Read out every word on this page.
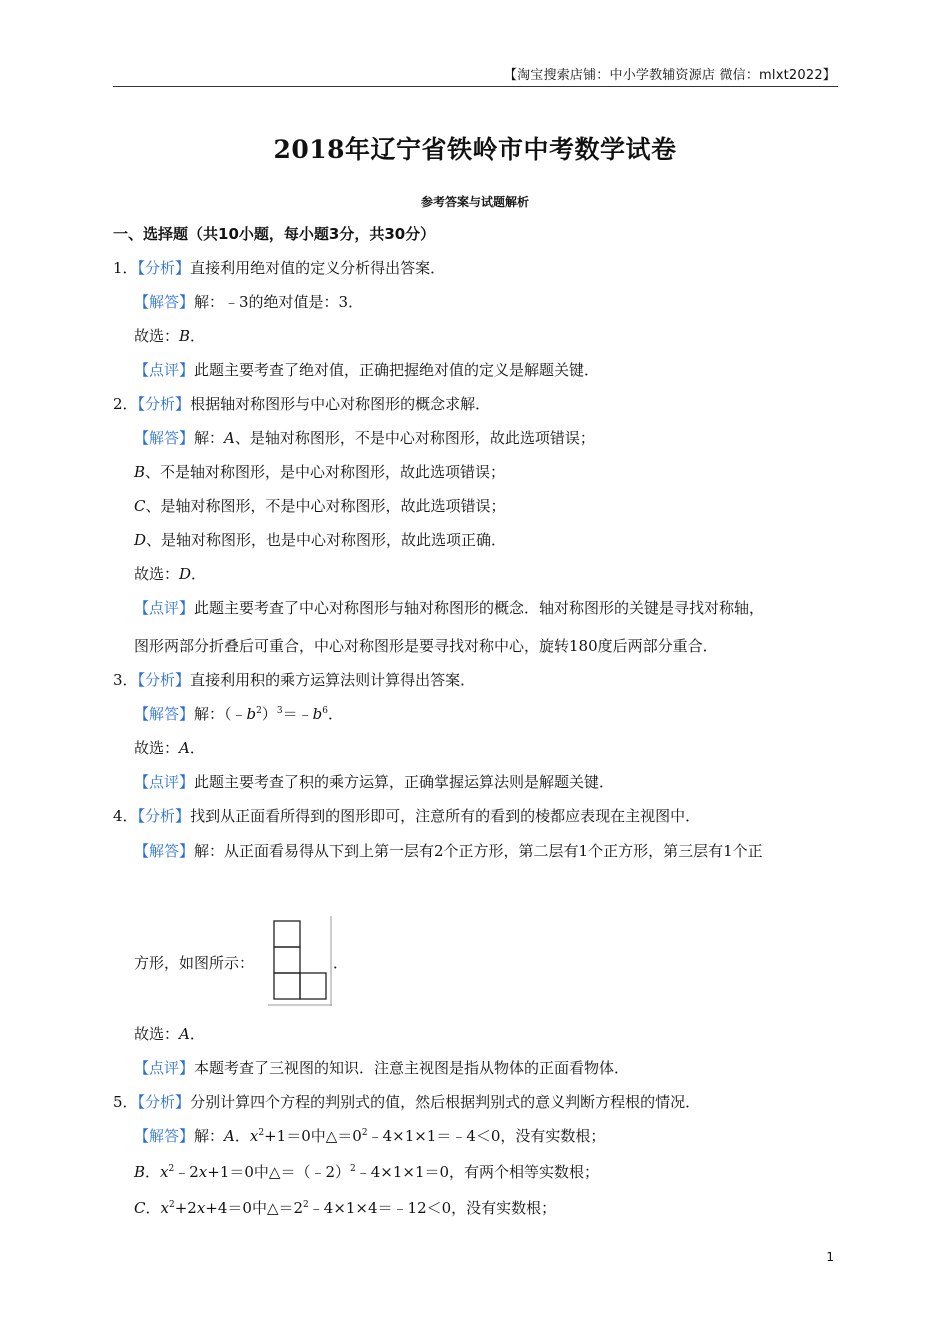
【淘宝搜索店铺：中小学教辅资源店 微信：mlxt2022】
2018年辽宁省铁岭市中考数学试卷
参考答案与试题解析
一、选择题（共10小题，每小题3分，共30分）
1．【分析】直接利用绝对值的定义分析得出答案．
【解答】解：﹣3的绝对值是：3．
故选：B．
【点评】此题主要考查了绝对值，正确把握绝对值的定义是解题关键．
2．【分析】根据轴对称图形与中心对称图形的概念求解．
【解答】解：A、是轴对称图形，不是中心对称图形，故此选项错误；
B、不是轴对称图形，是中心对称图形，故此选项错误；
C、是轴对称图形，不是中心对称图形，故此选项错误；
D、是轴对称图形，也是中心对称图形，故此选项正确．
故选：D．
【点评】此题主要考查了中心对称图形与轴对称图形的概念．轴对称图形的关键是寻找对称轴，
图形两部分折叠后可重合，中心对称图形是要寻找对称中心，旋转180度后两部分重合．
3．【分析】直接利用积的乘方运算法则计算得出答案．
【解答】解：$(﹣b^2)^3=﹣b^6$．
故选：A．
【点评】此题主要考查了积的乘方运算，正确掌握运算法则是解题关键．
4．【分析】找到从正面看所得到的图形即可，注意所有的看到的棱都应表现在主视图中．
【解答】解：从正面看易得从下到上第一层有2个正方形，第二层有1个正方形，第三层有1个正
方形，如图所示：	．
故选：A．
【点评】本题考查了三视图的知识．注意主视图是指从物体的正面看物体．
5．【分析】分别计算四个方程的判别式的值，然后根据判别式的意义判断方程根的情况．
【解答】解：A．$x^2+1=0$中$\triangle=0^2﹣4\times 1\times 1=﹣4<0$，没有实数根；
B．$x^2﹣2x+1=0$中△＝（﹣2）$^2$﹣4×1×1＝0，有两个相等实数根；
C．$x^2+2x+4=0$中$\triangle=2^2﹣4\times 1\times 4=﹣12<0$，没有实数根；
1
